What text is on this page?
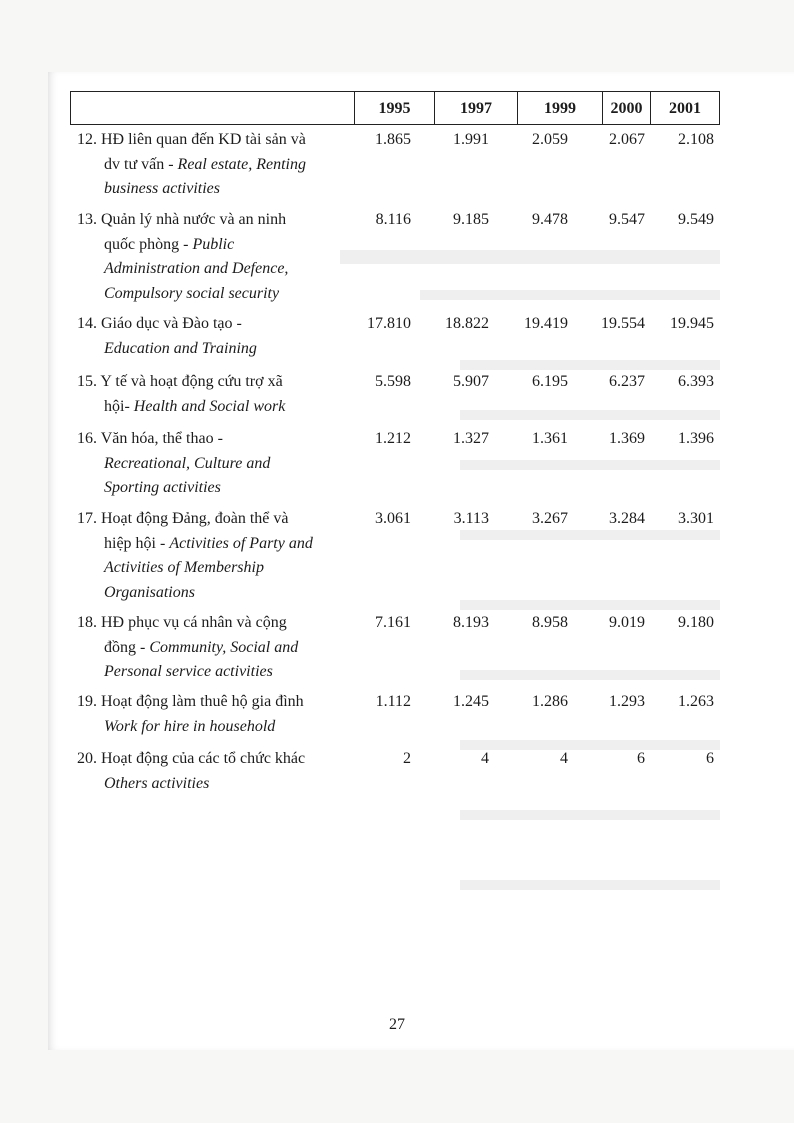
1995	1997	1999	2000	2001
12. HĐ liên quan đến KD tài sản và
dv tư vấn - Real estate, Renting
business activities
1.865	1.991	2.059	2.067	2.108
13. Quản lý nhà nước và an ninh
quốc phòng - Public
Administration and Defence,
Compulsory social security
8.116	9.185	9.478	9.547	9.549
14. Giáo dục và Đào tạo -
Education and Training
17.810	18.822	19.419	19.554	19.945
15. Y tế và hoạt động cứu trợ xã
hội- Health and Social work
5.598	5.907	6.195	6.237	6.393
16. Văn hóa, thể thao -
Recreational, Culture and
Sporting activities
1.212	1.327	1.361	1.369	1.396
17. Hoạt động Đảng, đoàn thể và
hiệp hội - Activities of Party and
Activities of Membership
Organisations
3.061	3.113	3.267	3.284	3.301
18. HĐ phục vụ cá nhân và cộng
đồng - Community, Social and
Personal service activities
7.161	8.193	8.958	9.019	9.180
19. Hoạt động làm thuê hộ gia đình
Work for hire in household
1.112	1.245	1.286	1.293	1.263
20. Hoạt động của các tổ chức khác
Others activities
2	4	4	6	6
27
